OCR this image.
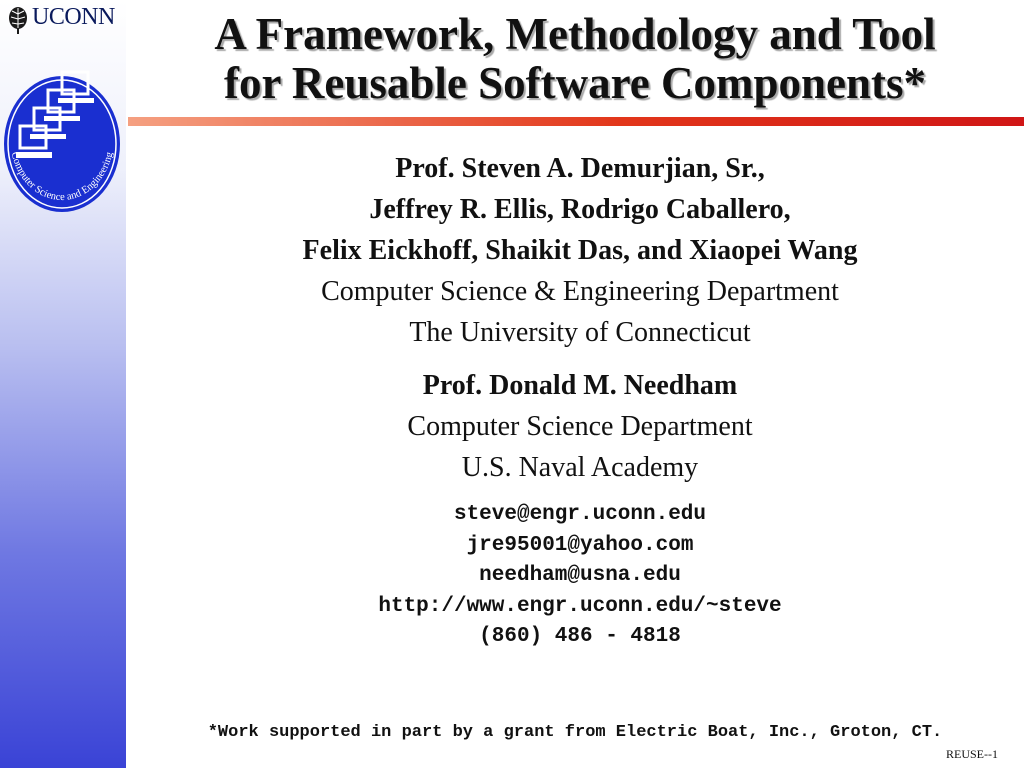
UCONN
Computer Science and Engineering
A Framework, Methodology and Tool
for Reusable Software Components*
Prof. Steven A. Demurjian, Sr.,
Jeffrey R. Ellis, Rodrigo Caballero,
Felix Eickhoff, Shaikit Das, and Xiaopei Wang
Computer Science & Engineering Department
The University of Connecticut
Prof. Donald M. Needham
Computer Science Department
U.S. Naval Academy
steve@engr.uconn.edu
jre95001@yahoo.com
needham@usna.edu
http://www.engr.uconn.edu/~steve
(860) 486 - 4818
*Work supported in part by a grant from Electric Boat, Inc., Groton, CT.
REUSE--1
